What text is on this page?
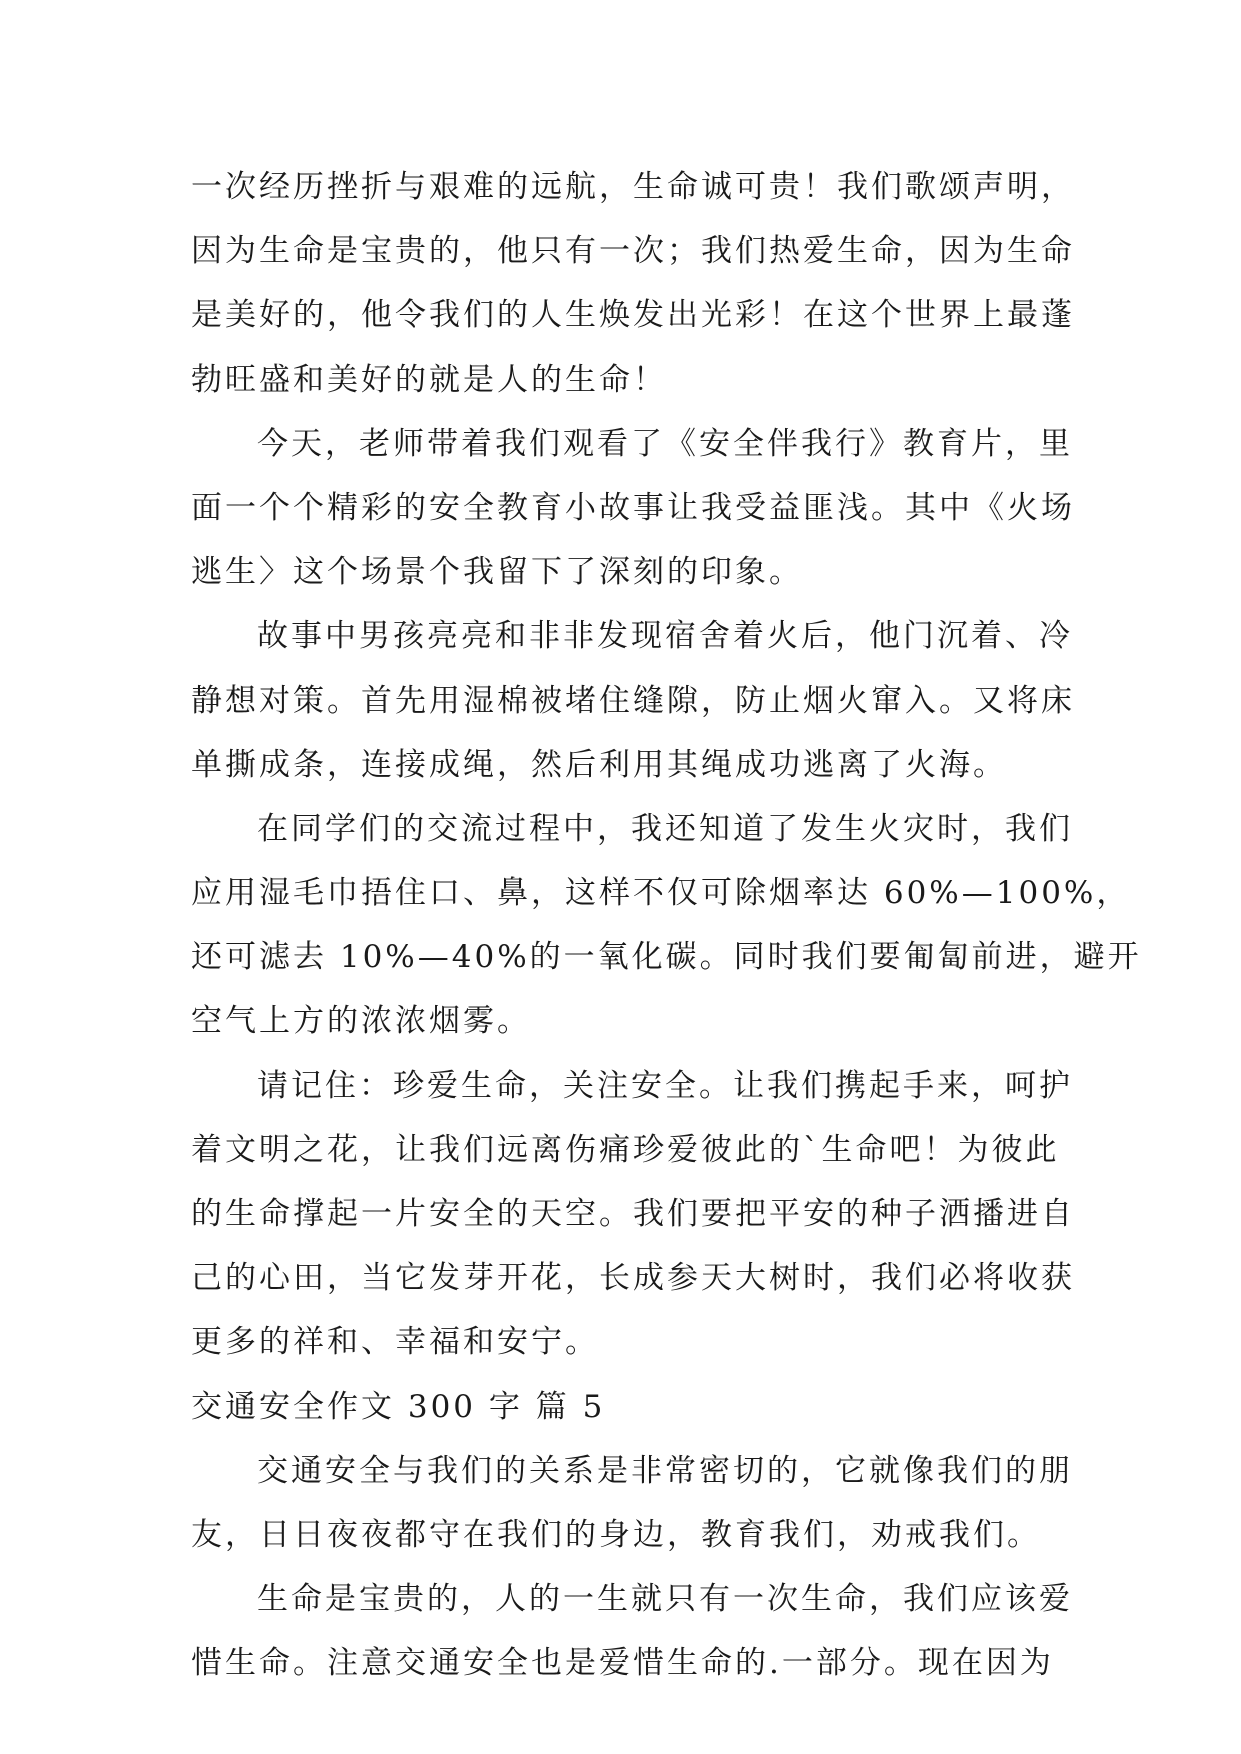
一次经历挫折与艰难的远航，生命诚可贵！我们歌颂声明，
因为生命是宝贵的，他只有一次；我们热爱生命，因为生命
是美好的，他令我们的人生焕发出光彩！在这个世界上最蓬
勃旺盛和美好的就是人的生命！
今天，老师带着我们观看了《安全伴我行》教育片，里
面一个个精彩的安全教育小故事让我受益匪浅。其中《火场
逃生〉这个场景个我留下了深刻的印象。
故事中男孩亮亮和非非发现宿舍着火后，他门沉着、冷
静想对策。首先用湿棉被堵住缝隙，防止烟火窜入。又将床
单撕成条，连接成绳，然后利用其绳成功逃离了火海。
在同学们的交流过程中，我还知道了发生火灾时，我们
应用湿毛巾捂住口、鼻，这样不仅可除烟率达 60%—100%，
还可滤去 10%—40%的一氧化碳。同时我们要匍匐前进，避开
空气上方的浓浓烟雾。
请记住：珍爱生命，关注安全。让我们携起手来，呵护
着文明之花，让我们远离伤痛珍爱彼此的`生命吧！为彼此
的生命撑起一片安全的天空。我们要把平安的种子洒播进自
己的心田，当它发芽开花，长成参天大树时，我们必将收获
更多的祥和、幸福和安宁。
交通安全作文 300 字 篇 5
交通安全与我们的关系是非常密切的，它就像我们的朋
友，日日夜夜都守在我们的身边，教育我们，劝戒我们。
生命是宝贵的，人的一生就只有一次生命，我们应该爱
惜生命。注意交通安全也是爱惜生命的.一部分。现在因为
